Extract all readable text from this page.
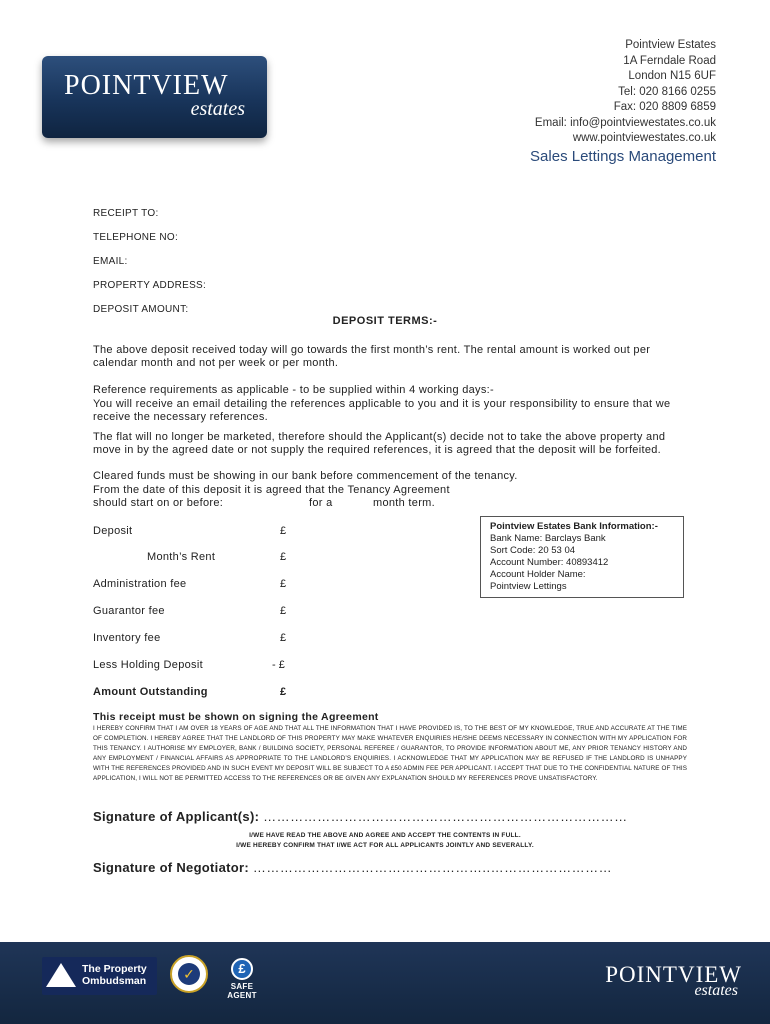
POINTVIEW
estates
Pointview Estates
1A Ferndale Road
London N15 6UF
Tel: 020 8166 0255
Fax: 020 8809 6859
Email: info@pointviewestates.co.uk
www.pointviewestates.co.uk
Sales Lettings Management
RECEIPT TO:
TELEPHONE NO:
EMAIL:
PROPERTY ADDRESS:
DEPOSIT AMOUNT:
DEPOSIT TERMS:-
The above deposit received today will go towards the first month’s rent. The rental amount is worked out per calendar month and not per week or per month.
Reference requirements as applicable - to be supplied within 4 working days:-
You will receive an email detailing the references applicable to you and it is your responsibility to ensure that we receive the necessary references.
The flat will no longer be marketed, therefore should the Applicant(s) decide not to take the above property and move in by the agreed date or not supply the required references, it is agreed that the deposit will be forfeited.
Cleared funds must be showing in our bank before commencement of the tenancy.
From the date of this deposit it is agreed that the Tenancy Agreement
should start on or before:	for a	month term.
Deposit	£
Month’s Rent	£
Administration fee	£
Guarantor fee	£
Inventory fee	£
Less Holding Deposit	- £
Amount Outstanding	£
Pointview Estates Bank Information:-
Bank Name: Barclays Bank
Sort Code: 20 53 04
Account Number: 40893412
Account Holder Name:
Pointview Lettings
This receipt must be shown on signing the Agreement
I HEREBY CONFIRM THAT I AM OVER 18 YEARS OF AGE AND THAT ALL THE INFORMATION THAT I HAVE PROVIDED IS, TO THE BEST OF MY KNOWLEDGE, TRUE AND ACCURATE AT THE TIME OF COMPLETION. I HEREBY AGREE THAT THE LANDLORD OF THIS PROPERTY MAY MAKE WHATEVER ENQUIRIES HE/SHE DEEMS NECESSARY IN CONNECTION WITH MY APPLICATION FOR THIS TENANCY. I AUTHORISE MY EMPLOYER, BANK / BUILDING SOCIETY, PERSONAL REFEREE / GUARANTOR, TO PROVIDE INFORMATION ABOUT ME, ANY PRIOR TENANCY HISTORY AND ANY EMPLOYMENT / FINANCIAL AFFAIRS AS APPROPRIATE TO THE LANDLORD’S ENQUIRIES. I ACKNOWLEDGE THAT MY APPLICATION MAY BE REFUSED IF THE LANDLORD IS UNHAPPY WITH THE REFERENCES PROVIDED AND IN SUCH EVENT MY DEPOSIT WILL BE SUBJECT TO A £50 ADMIN FEE PER APPLICANT. I ACCEPT THAT DUE TO THE CONFIDENTIAL NATURE OF THIS APPLICATION, I WILL NOT BE PERMITTED ACCESS TO THE REFERENCES OR BE GIVEN ANY EXPLANATION SHOULD MY REFERENCES PROVE UNSATISFACTORY.
Signature of Applicant(s): ………………………………………………………………………
I/WE HAVE READ THE ABOVE AND AGREE AND ACCEPT THE CONTENTS IN FULL.
I/WE HEREBY CONFIRM THAT I/WE ACT FOR ALL APPLICANTS JOINTLY AND SEVERALLY.
Signature of Negotiator: ……………………………………………..………………………
The Property
Ombudsman	✓	£
SAFE AGENT
POINTVIEW
estates
